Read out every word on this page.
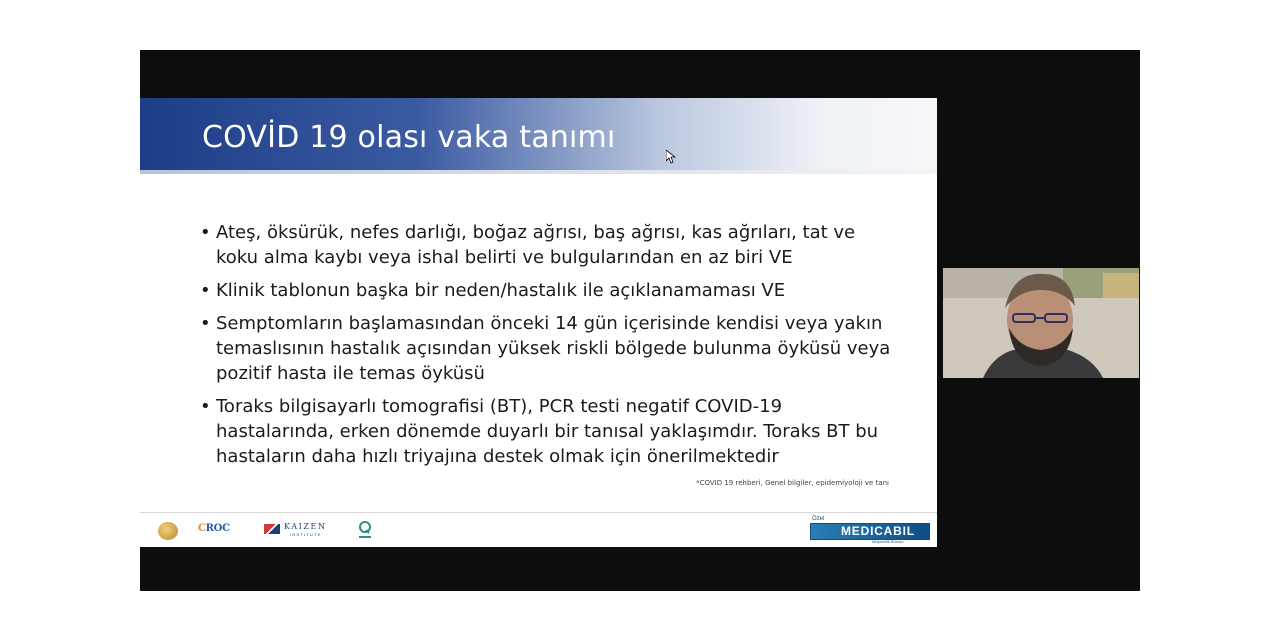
COVİD 19 olası vaka tanımı
• Ateş, öksürük, nefes darlığı, boğaz ağrısı, baş ağrısı, kas ağrıları, tat ve koku alma kaybı veya ishal belirti ve bulgularından en az biri VE
• Klinik tablonun başka bir neden/hastalık ile açıklanamaması VE
• Semptomların başlamasından önceki 14 gün içerisinde kendisi veya yakın temaslısının hastalık açısından yüksek riskli bölgede bulunma öyküsü veya pozitif hasta ile temas öyküsü
• Toraks bilgisayarlı tomografisi (BT), PCR testi negatif COVID-19 hastalarında, erken dönemde duyarlı bir tanısal yaklaşımdır. Toraks BT bu hastaların daha hızlı triyajına destek olmak için önerilmektedir
*COVID 19 rehberi, Genel bilgiler, epidemiyoloji ve tanı
CROC	KAIZEN
INSTITUTE
Özel
MEDICABIL
Müşavirlik Bürosu
